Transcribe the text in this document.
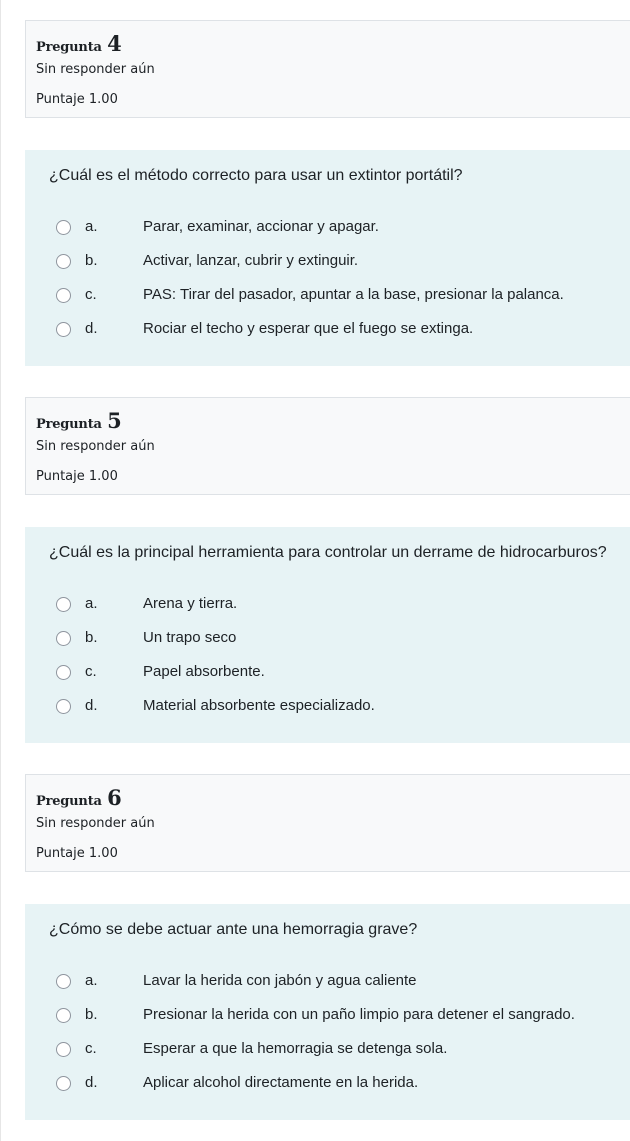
Pregunta 4
Sin responder aún
Puntaje 1.00
¿Cuál es el método correcto para usar un extintor portátil?
a.	Parar, examinar, accionar y apagar.
b.	Activar, lanzar, cubrir y extinguir.
c.	PAS: Tirar del pasador, apuntar a la base, presionar la palanca.
d.	Rociar el techo y esperar que el fuego se extinga.
Pregunta 5
Sin responder aún
Puntaje 1.00
¿Cuál es la principal herramienta para controlar un derrame de hidrocarburos?
a.	Arena y tierra.
b.	Un trapo seco
c.	Papel absorbente.
d.	Material absorbente especializado.
Pregunta 6
Sin responder aún
Puntaje 1.00
¿Cómo se debe actuar ante una hemorragia grave?
a.	Lavar la herida con jabón y agua caliente
b.	Presionar la herida con un paño limpio para detener el sangrado.
c.	Esperar a que la hemorragia se detenga sola.
d.	Aplicar alcohol directamente en la herida.
